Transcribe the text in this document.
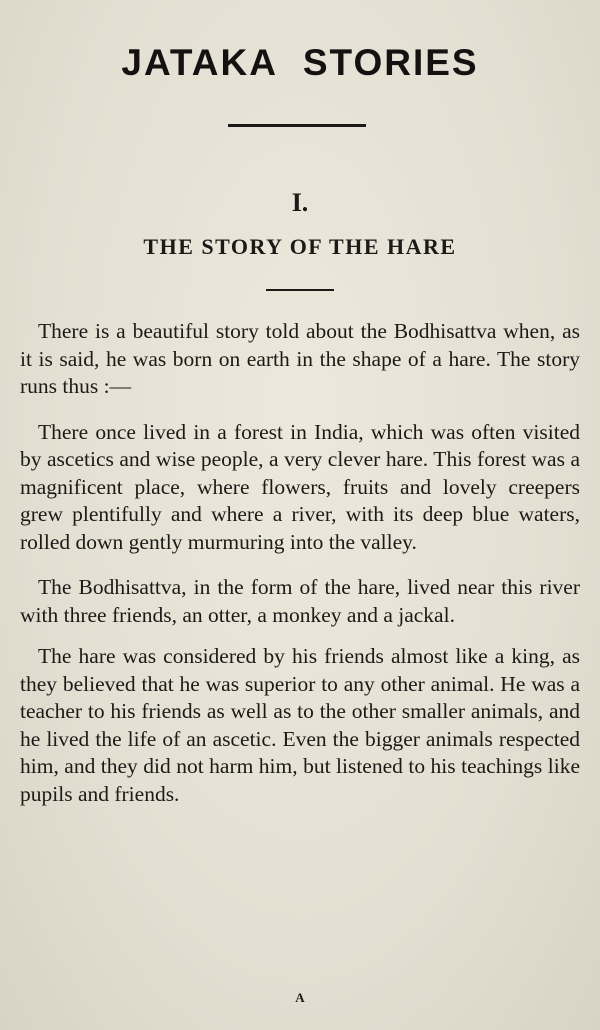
JATAKA STORIES
I.
THE STORY OF THE HARE

There is a beautiful story told about the Bodhisattva when, as it is said, he was born on earth in the shape of a hare. The story runs thus :—

There once lived in a forest in India, which was often visited by ascetics and wise people, a very clever hare. This forest was a magnificent place, where flowers, fruits and lovely creepers grew plentifully and where a river, with its deep blue waters, rolled down gently murmuring into the valley.

The Bodhisattva, in the form of the hare, lived near this river with three friends, an otter, a monkey and a jackal.

The hare was considered by his friends almost like a king, as they believed that he was superior to any other animal. He was a teacher to his friends as well as to the other smaller animals, and he lived the life of an ascetic. Even the bigger animals respected him, and they did not harm him, but listened to his teachings like pupils and friends.

A
